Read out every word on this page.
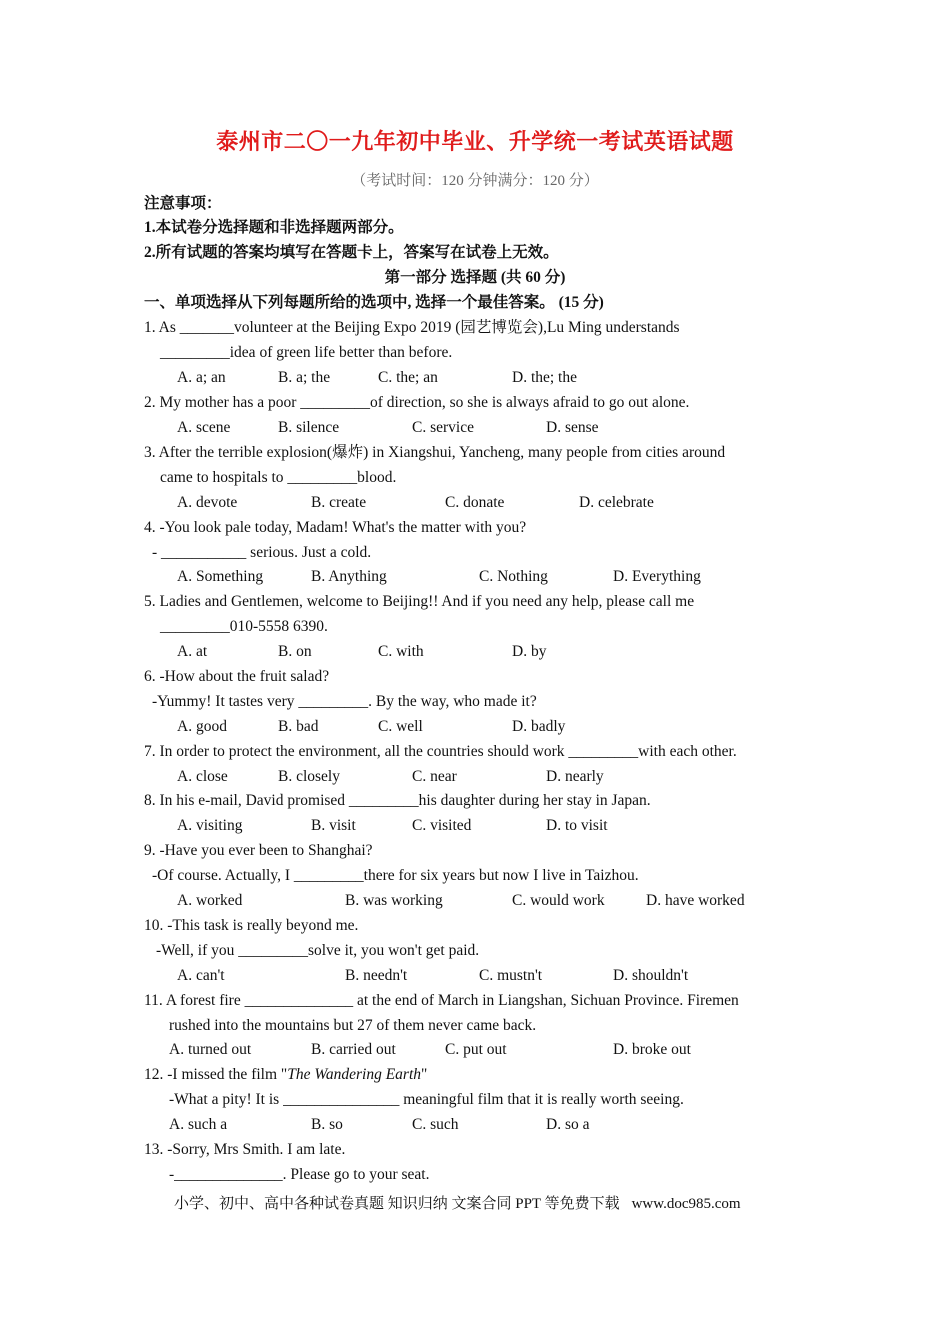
泰州市二〇一九年初中毕业、升学统一考试英语试题
（考试时间：120 分钟满分：120 分）
注意事项：
1.本试卷分选择题和非选择题两部分。
2.所有试题的答案均填写在答题卡上，答案写在试卷上无效。
第一部分 选择题 (共 60 分)
一、单项选择从下列每题所给的选项中, 选择一个最佳答案。 (15 分)
1. As _______volunteer at the Beijing Expo 2019 (园艺博览会),Lu Ming understands
_________idea of green life better than before.
A. a; an	B. a; the	C. the; an	D. the; the
2. My mother has a poor _________of direction, so she is always afraid to go out alone.
A. scene	B. silence	C. service	D. sense
3. After the terrible explosion(爆炸) in Xiangshui, Yancheng, many people from cities around
came to hospitals to _________blood.
A. devote	B. create	C. donate	D. celebrate
4. -You look pale today, Madam! What's the matter with you?
- ___________ serious. Just a cold.
A. Something	B. Anything	C. Nothing	D. Everything
5. Ladies and Gentlemen, welcome to Beijing!! And if you need any help, please call me
_________010-5558 6390.
A. at	B. on	C. with	D. by
6. -How about the fruit salad?
-Yummy! It tastes very _________. By the way, who made it?
A. good	B. bad	C. well	D. badly
7. In order to protect the environment, all the countries should work _________with each other.
A. close	B. closely	C. near	D. nearly
8. In his e-mail, David promised _________his daughter during her stay in Japan.
A. visiting	B. visit	C. visited	D. to visit
9. -Have you ever been to Shanghai?
-Of course. Actually, I _________there for six years but now I live in Taizhou.
A. worked	B. was working	C. would work	D. have worked
10. -This task is really beyond me.
-Well, if you _________solve it, you won't get paid.
A. can't	B. needn't	C. mustn't	D. shouldn't
11. A forest fire ______________ at the end of March in Liangshan, Sichuan Province. Firemen
rushed into the mountains but 27 of them never came back.
A. turned out	B. carried out	C. put out	D. broke out
12. -I missed the film "The Wandering Earth"
-What a pity! It is _______________ meaningful film that it is really worth seeing.
A. such a	B. so	C. such	D. so a
13. -Sorry, Mrs Smith. I am late.
-______________. Please go to your seat.
小学、初中、高中各种试卷真题 知识归纳 文案合同 PPT 等免费下载 www.doc985.com
